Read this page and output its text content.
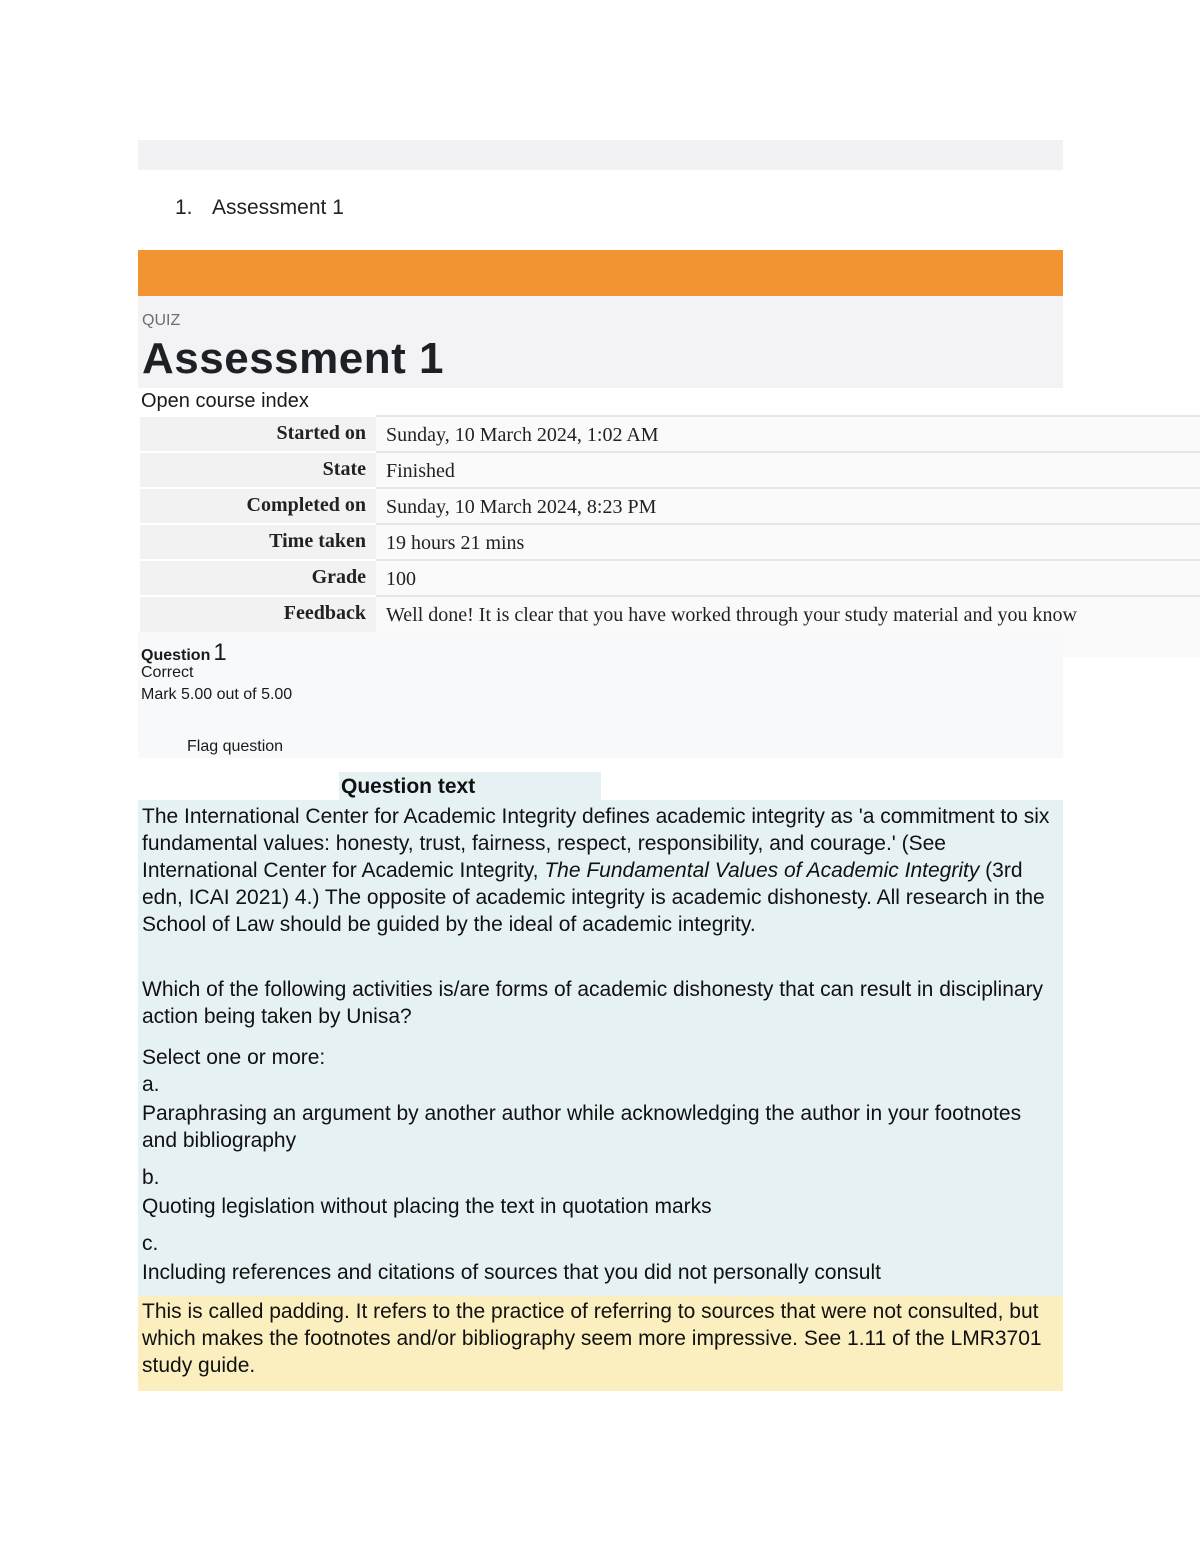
1. Assessment 1
QUIZ
Assessment 1
Open course index
Started on	Sunday, 10 March 2024, 1:02 AM
State	Finished
Completed on	Sunday, 10 March 2024, 8:23 PM
Time taken	19 hours 21 mins
Grade	100
Feedback	Well done! It is clear that you have worked through your study material and you know
Question 1
Correct
Mark 5.00 out of 5.00
Flag question
Question text
The International Center for Academic Integrity defines academic integrity as 'a commitment to six fundamental values: honesty, trust, fairness, respect, responsibility, and courage.' (See International Center for Academic Integrity, The Fundamental Values of Academic Integrity (3rd edn, ICAI 2021) 4.) The opposite of academic integrity is academic dishonesty. All research in the School of Law should be guided by the ideal of academic integrity.
Which of the following activities is/are forms of academic dishonesty that can result in disciplinary action being taken by Unisa?
Select one or more:
a.
Paraphrasing an argument by another author while acknowledging the author in your footnotes and bibliography
b.
Quoting legislation without placing the text in quotation marks
c.
Including references and citations of sources that you did not personally consult
This is called padding. It refers to the practice of referring to sources that were not consulted, but which makes the footnotes and/or bibliography seem more impressive. See 1.11 of the LMR3701 study guide.
